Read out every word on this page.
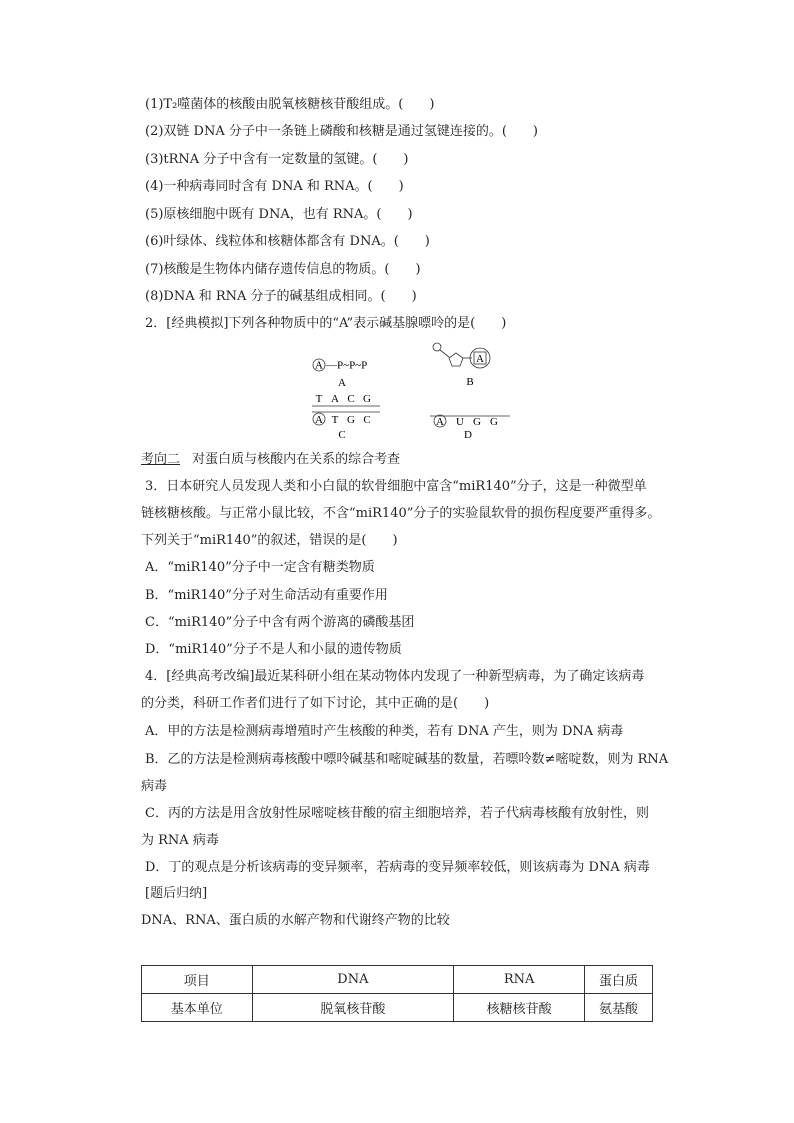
(1)T₂噬菌体的核酸由脱氧核糖核苷酸组成。(　　)
(2)双链 DNA 分子中一条链上磷酸和核糖是通过氢键连接的。(　　)
(3)tRNA 分子中含有一定数量的氢键。(　　)
(4)一种病毒同时含有 DNA 和 RNA。(　　)
(5)原核细胞中既有 DNA，也有 RNA。(　　)
(6)叶绿体、线粒体和核糖体都含有 DNA。(　　)
(7)核酸是生物体内储存遗传信息的物质。(　　)
(8)DNA 和 RNA 分子的碱基组成相同。(　　)
2．[经典模拟]下列各种物质中的“A”表示碱基腺嘌呤的是(　　)
A —P~P~P
A
A
B
T A C G
A T G C
C
A U G G
D
考向二 对蛋白质与核酸内在关系的综合考查
3．日本研究人员发现人类和小白鼠的软骨细胞中富含“miR140”分子，这是一种微型单
链核糖核酸。与正常小鼠比较，不含“miR140”分子的实验鼠软骨的损伤程度要严重得多。
下列关于“miR140”的叙述，错误的是(　　)
A．“miR140”分子中一定含有糖类物质
B．“miR140”分子对生命活动有重要作用
C．“miR140”分子中含有两个游离的磷酸基团
D．“miR140”分子不是人和小鼠的遗传物质
4．[经典高考改编]最近某科研小组在某动物体内发现了一种新型病毒，为了确定该病毒
的分类，科研工作者们进行了如下讨论，其中正确的是(　　)
A．甲的方法是检测病毒增殖时产生核酸的种类，若有 DNA 产生，则为 DNA 病毒
B．乙的方法是检测病毒核酸中嘌呤碱基和嘧啶碱基的数量，若嘌呤数≠嘧啶数，则为 RNA
病毒
C．丙的方法是用含放射性尿嘧啶核苷酸的宿主细胞培养，若子代病毒核酸有放射性，则
为 RNA 病毒
D．丁的观点是分析该病毒的变异频率，若病毒的变异频率较低，则该病毒为 DNA 病毒
[题后归纳]
DNA、RNA、蛋白质的水解产物和代谢终产物的比较
项目	DNA	RNA	蛋白质
基本单位	脱氧核苷酸	核糖核苷酸	氨基酸
